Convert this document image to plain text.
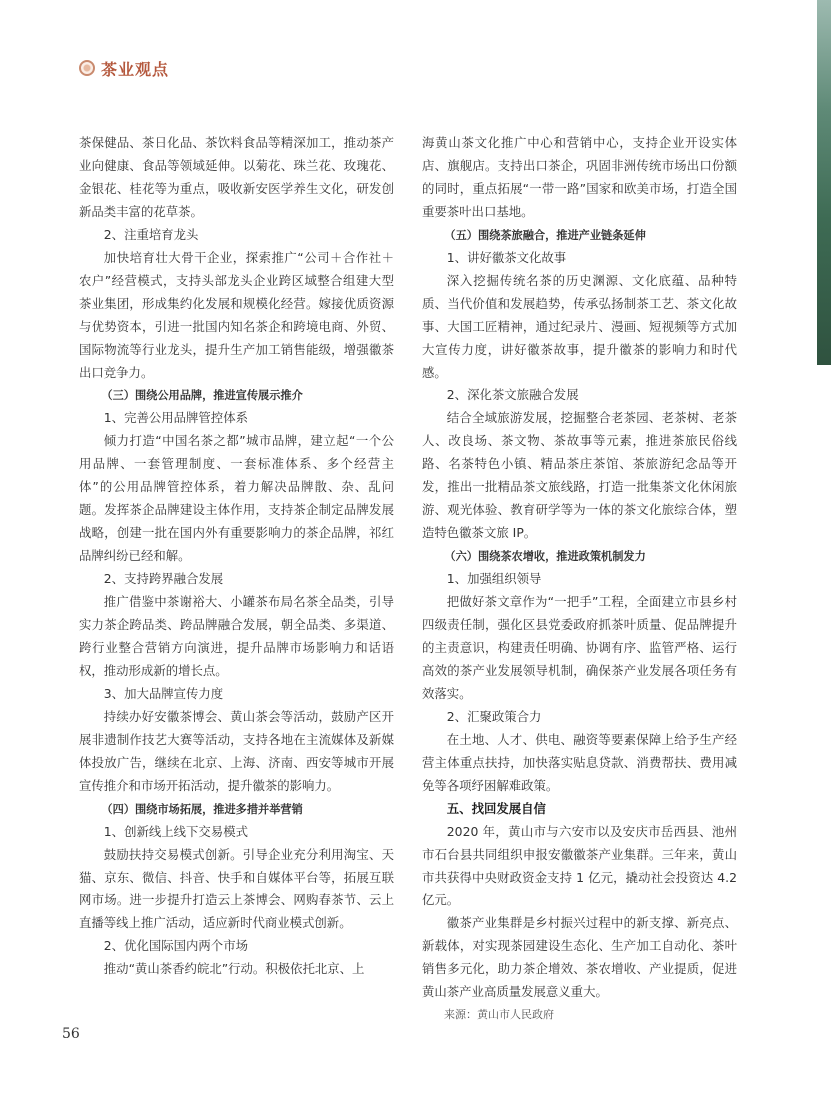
茶业观点

茶保健品、茶日化品、茶饮料食品等精深加工，推动茶产业向健康、食品等领域延伸。以菊花、珠兰花、玫瑰花、金银花、桂花等为重点，吸收新安医学养生文化，研发创新品类丰富的花草茶。

2、注重培育龙头

加快培育壮大骨干企业，探索推广“公司＋合作社＋农户”经营模式，支持头部龙头企业跨区域整合组建大型茶业集团，形成集约化发展和规模化经营。嫁接优质资源与优势资本，引进一批国内知名茶企和跨境电商、外贸、国际物流等行业龙头，提升生产加工销售能级，增强徽茶出口竞争力。

（三）围绕公用品牌，推进宣传展示推介

1、完善公用品牌管控体系

倾力打造“中国名茶之都”城市品牌，建立起“一个公用品牌、一套管理制度、一套标准体系、多个经营主体”的公用品牌管控体系，着力解决品牌散、杂、乱问题。发挥茶企品牌建设主体作用，支持茶企制定品牌发展战略，创建一批在国内外有重要影响力的茶企品牌，祁红品牌纠纷已经和解。

2、支持跨界融合发展

推广借鉴中茶谢裕大、小罐茶布局名茶全品类，引导实力茶企跨品类、跨品牌融合发展，朝全品类、多渠道、跨行业整合营销方向演进，提升品牌市场影响力和话语权，推动形成新的增长点。

3、加大品牌宣传力度

持续办好安徽茶博会、黄山茶会等活动，鼓励产区开展非遗制作技艺大赛等活动，支持各地在主流媒体及新媒体投放广告，继续在北京、上海、济南、西安等城市开展宣传推介和市场开拓活动，提升徽茶的影响力。

（四）围绕市场拓展，推进多措并举营销

1、创新线上线下交易模式

鼓励扶持交易模式创新。引导企业充分利用淘宝、天猫、京东、微信、抖音、快手和自媒体平台等，拓展互联网市场。进一步提升打造云上茶博会、网购春茶节、云上直播等线上推广活动，适应新时代商业模式创新。

2、优化国际国内两个市场

推动“黄山茶香约皖北”行动。积极依托北京、上

海黄山茶文化推广中心和营销中心，支持企业开设实体店、旗舰店。支持出口茶企，巩固非洲传统市场出口份额的同时，重点拓展“一带一路”国家和欧美市场，打造全国重要茶叶出口基地。

（五）围绕茶旅融合，推进产业链条延伸

1、讲好徽茶文化故事

深入挖掘传统名茶的历史渊源、文化底蕴、品种特质、当代价值和发展趋势，传承弘扬制茶工艺、茶文化故事、大国工匠精神，通过纪录片、漫画、短视频等方式加大宣传力度，讲好徽茶故事，提升徽茶的影响力和时代感。

2、深化茶文旅融合发展

结合全域旅游发展，挖掘整合老茶园、老茶树、老茶人、改良场、茶文物、茶故事等元素，推进茶旅民俗线路、名茶特色小镇、精品茶庄茶馆、茶旅游纪念品等开发，推出一批精品茶文旅线路，打造一批集茶文化休闲旅游、观光体验、教育研学等为一体的茶文化旅综合体，塑造特色徽茶文旅 IP。

（六）围绕茶农增收，推进政策机制发力

1、加强组织领导

把做好茶文章作为“一把手”工程，全面建立市县乡村四级责任制，强化区县党委政府抓茶叶质量、促品牌提升的主责意识，构建责任明确、协调有序、监管严格、运行高效的茶产业发展领导机制，确保茶产业发展各项任务有效落实。

2、汇聚政策合力

在土地、人才、供电、融资等要素保障上给予生产经营主体重点扶持，加快落实贴息贷款、消费帮扶、费用减免等各项纾困解难政策。

五、找回发展自信

2020 年，黄山市与六安市以及安庆市岳西县、池州市石台县共同组织申报安徽徽茶产业集群。三年来，黄山市共获得中央财政资金支持 1 亿元，撬动社会投资达 4.2 亿元。

徽茶产业集群是乡村振兴过程中的新支撑、新亮点、新载体，对实现茶园建设生态化、生产加工自动化、茶叶销售多元化，助力茶企增效、茶农增收、产业提质，促进黄山茶产业高质量发展意义重大。

来源：黄山市人民政府

56
